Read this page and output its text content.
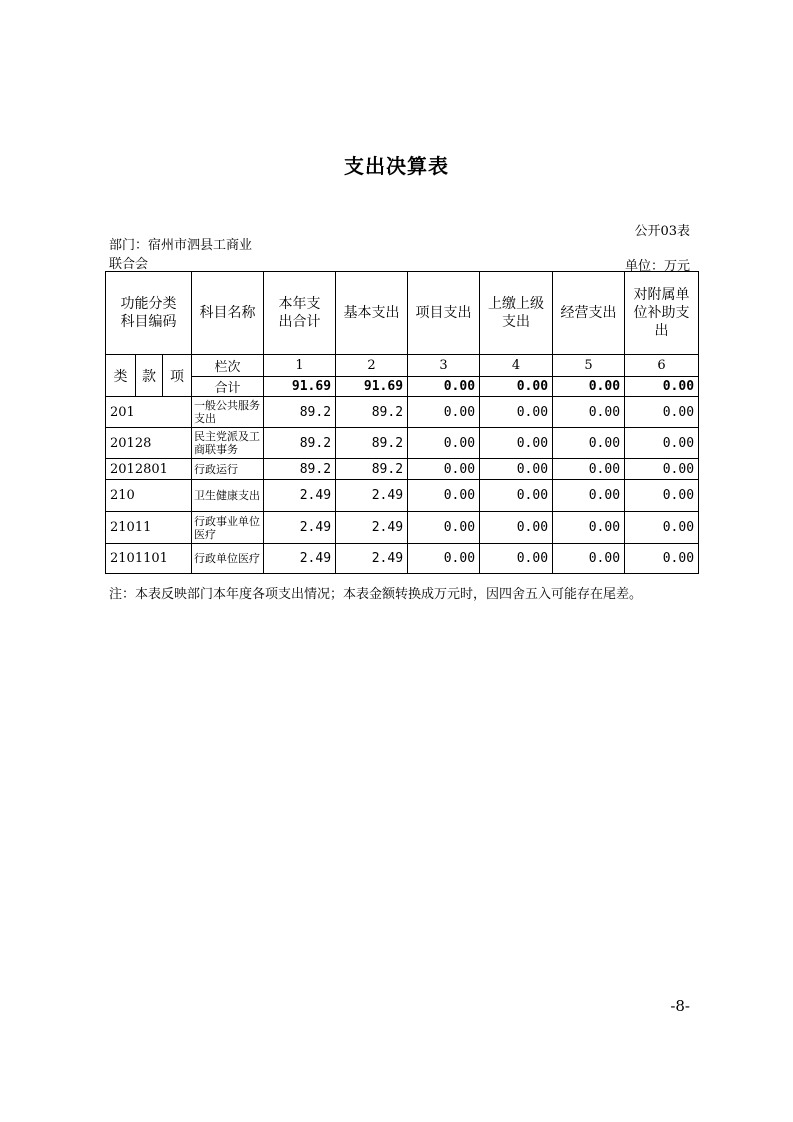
支出决算表
公开03表
部门：宿州市泗县工商业
联合会	单位：万元
功能分类科目编码			科目名称	本年支出合计	基本支出	项目支出	上缴上级支出	经营支出	对附属单位补助支出

类	款	项	栏次	1	2	3	4	5	6
			合计	91.69	91.69	0.00	0.00	0.00	0.00
201			一般公共服务支出	89.2	89.2	0.00	0.00	0.00	0.00
20128			民主党派及工商联事务	89.2	89.2	0.00	0.00	0.00	0.00
2012801			行政运行	89.2	89.2	0.00	0.00	0.00	0.00
210			卫生健康支出	2.49	2.49	0.00	0.00	0.00	0.00
21011			行政事业单位医疗	2.49	2.49	0.00	0.00	0.00	0.00
2101101			行政单位医疗	2.49	2.49	0.00	0.00	0.00	0.00
注：本表反映部门本年度各项支出情况；本表金额转换成万元时，因四舍五入可能存在尾差。
-8-
